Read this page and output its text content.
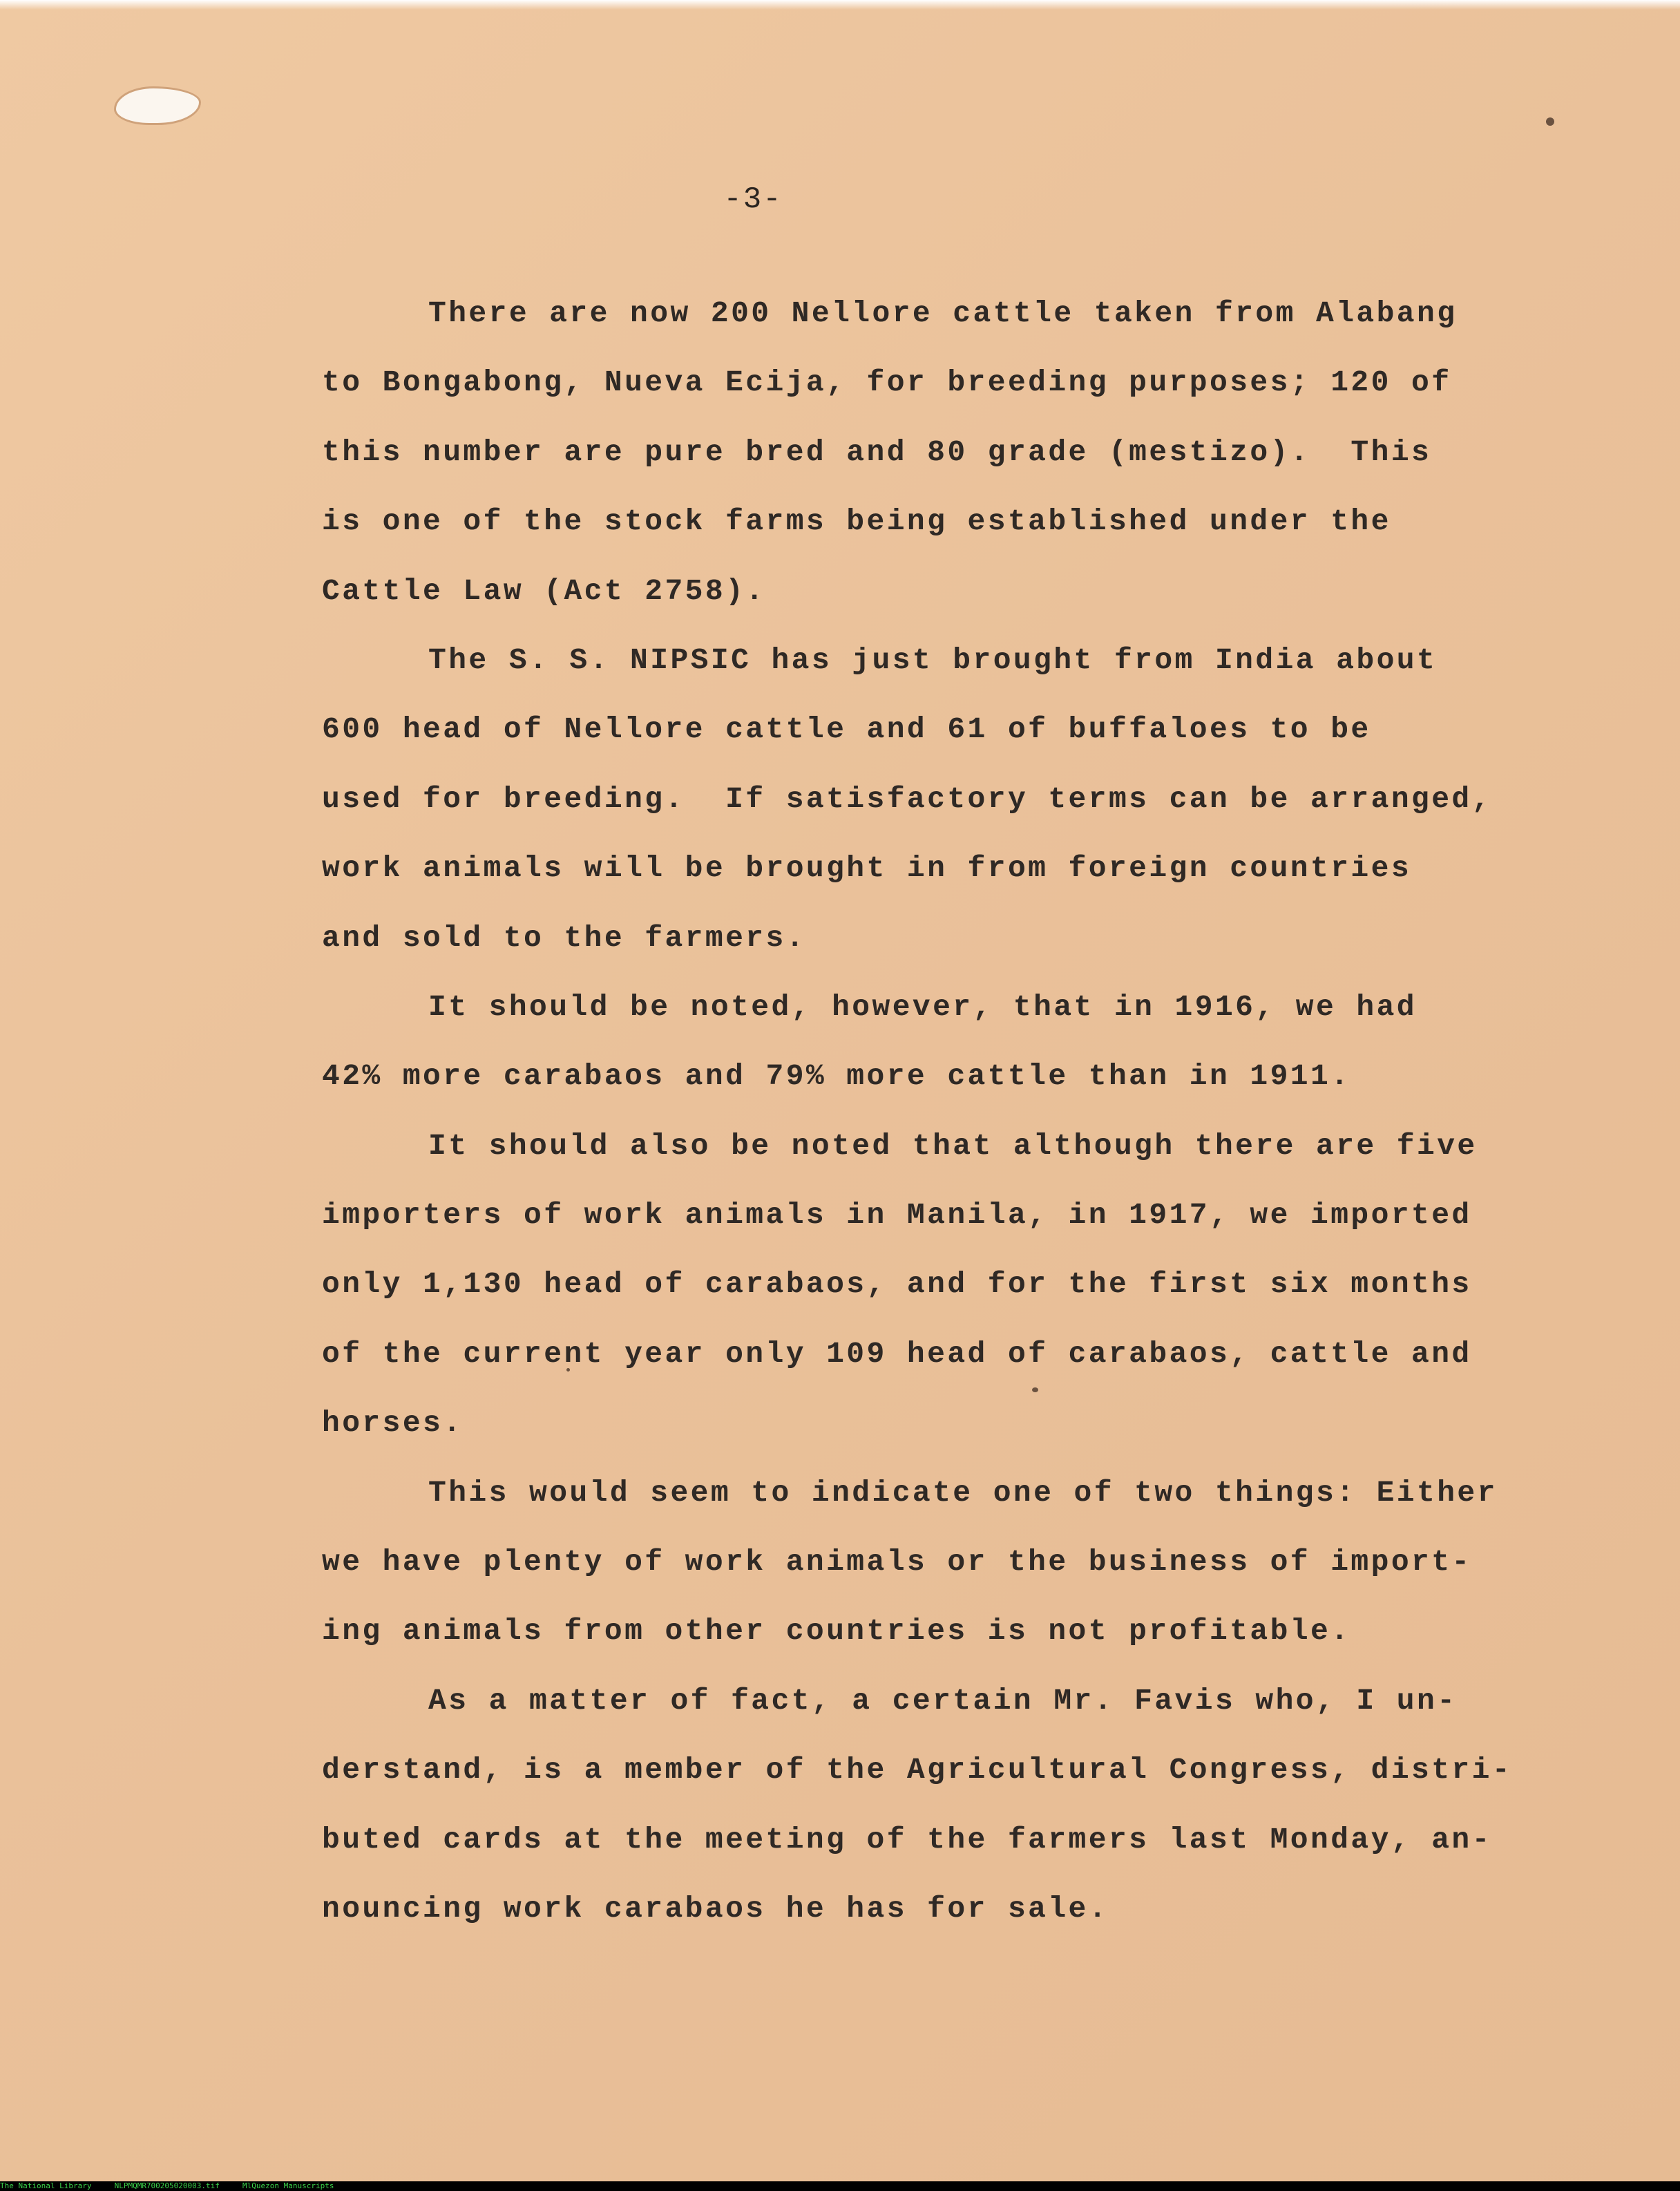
-3-
There are now 200 Nellore cattle taken from Alabang
to Bongabong, Nueva Ecija, for breeding purposes; 120 of
this number are pure bred and 80 grade (mestizo).  This
is one of the stock farms being established under the
Cattle Law (Act 2758).
The S. S. NIPSIC has just brought from India about
600 head of Nellore cattle and 61 of buffaloes to be
used for breeding.  If satisfactory terms can be arranged,
work animals will be brought in from foreign countries
and sold to the farmers.
It should be noted, however, that in 1916, we had
42% more carabaos and 79% more cattle than in 1911.
It should also be noted that although there are five
importers of work animals in Manila, in 1917, we imported
only 1,130 head of carabaos, and for the first six months
of the current year only 109 head of carabaos, cattle and
horses.
This would seem to indicate one of two things: Either
we have plenty of work animals or the business of import-
ing animals from other countries is not profitable.
As a matter of fact, a certain Mr. Favis who, I un-
derstand, is a member of the Agricultural Congress, distri-
buted cards at the meeting of the farmers last Monday, an-
nouncing work carabaos he has for sale.
The National Library	NLPMQMR700205020003.tif	MlQuezon Manuscripts
